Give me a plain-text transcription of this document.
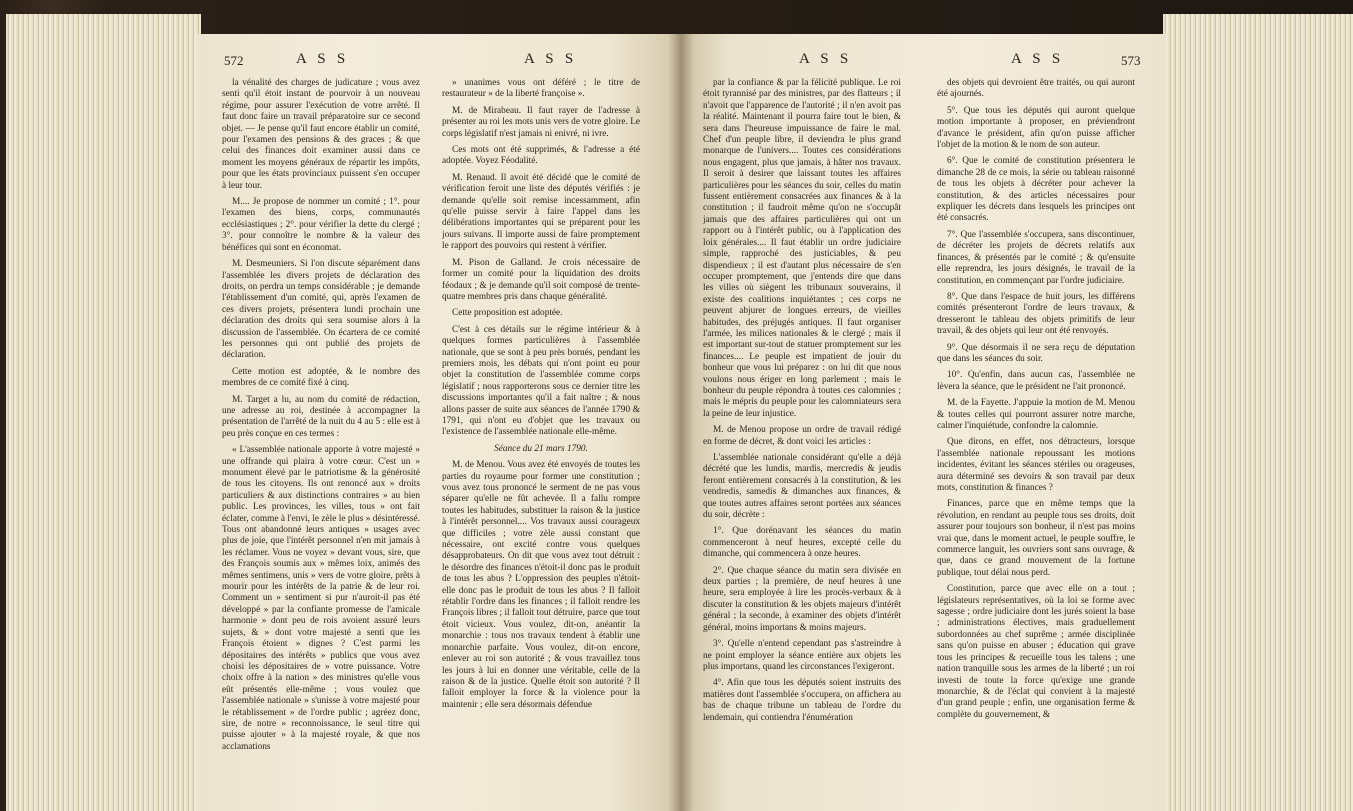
572	A S S	A S S

la vénalité des charges de judicature ; vous avez senti qu'il étoit instant de pourvoir à un nouveau régime, pour assurer l'exécution de votre arrêté. Il faut donc faire un travail préparatoire sur ce second objet. — Je pense qu'il faut encore établir un comité, pour l'examen des pensions & des graces ; & que celui des finances doit examiner aussi dans ce moment les moyens généraux de répartir les impôts, pour que les états provinciaux puissent s'en occuper à leur tour.

M.... Je propose de nommer un comité ; 1°. pour l'examen des biens, corps, communautés ecclésiastiques ; 2°. pour vérifier la dette du clergé ; 3°. pour connoître le nombre & la valeur des bénéfices qui sont en économat.

M. Desmeuniers. Si l'on discute séparément dans l'assemblée les divers projets de déclaration des droits, on perdra un temps considérable ; je demande l'établissement d'un comité, qui, après l'examen de ces divers projets, présentera lundi prochain une déclaration des droits qui sera soumise alors à la discussion de l'assemblée. On écartera de ce comité les personnes qui ont publié des projets de déclaration.

Cette motion est adoptée, & le nombre des membres de ce comité fixé à cinq.

M. Target a lu, au nom du comité de rédaction, une adresse au roi, destinée à accompagner la présentation de l'arrêté de la nuit du 4 au 5 : elle est à peu près conçue en ces termes :

« L'assemblée nationale apporte à votre majesté » une offrande qui plaira à votre cœur. C'est un » monument élevé par le patriotisme & la générosité de tous les citoyens. Ils ont renoncé aux » droits particuliers & aux distinctions contraires » au bien public. Les provinces, les villes, tous » ont fait éclater, comme à l'envi, le zèle le plus » désintéressé. Tous ont abandonné leurs antiques » usages avec plus de joie, que l'intérêt personnel n'en mit jamais à les réclamer. Vous ne voyez » devant vous, sire, que des François soumis aux » mêmes loix, animés des mêmes sentimens, unis » vers de votre gloire, prêts à mourir pour les intérêts de la patrie & de leur roi. Comment un » sentiment si pur n'auroit-il pas été développé » par la confiante promesse de l'amicale harmonie » dont peu de rois avoient assuré leurs sujets, & » dont votre majesté a senti que les François étoient » dignes ? C'est parmi les dépositaires des intérêts » publics que vous avez choisi les dépositaires de » votre puissance. Votre choix offre à la nation » des ministres qu'elle vous eût présentés elle-même ; vous voulez que l'assemblée nationale » s'unisse à votre majesté pour le rétablissement » de l'ordre public ; agréez donc, sire, de notre » reconnoissance, le seul titre qui puisse ajouter » à la majesté royale, & que nos acclamations

» unanimes vous ont déféré ; le titre de restaurateur » de la liberté françoise ».

M. de Mirabeau. Il faut rayer de l'adresse à présenter au roi les mots unis vers de votre gloire. Le corps législatif n'est jamais ni enivré, ni ivre.

Ces mots ont été supprimés, & l'adresse a été adoptée. Voyez Féodalité.

M. Renaud. Il avoit été décidé que le comité de vérification feroit une liste des députés vérifiés : je demande qu'elle soit remise incessamment, afin qu'elle puisse servir à faire l'appel dans les délibérations importantes qui se préparent pour les jours suivans. Il importe aussi de faire promptement le rapport des pouvoirs qui restent à vérifier.

M. Pison de Galland. Je crois nécessaire de former un comité pour la liquidation des droits féodaux ; & je demande qu'il soit composé de trente-quatre membres pris dans chaque généralité.

Cette proposition est adoptée.

C'est à ces détails sur le régime intérieur & à quelques formes particulières à l'assemblée nationale, que se sont à peu près bornés, pendant les premiers mois, les débats qui n'ont point eu pour objet la constitution de l'assemblée comme corps législatif ; nous rapporterons sous ce dernier titre les discussions importantes qu'il a fait naître ; & nous allons passer de suite aux séances de l'année 1790 & 1791, qui n'ont eu d'objet que les travaux ou l'existence de l'assemblée nationale elle-même.

Séance du 21 mars 1790.

M. de Menou. Vous avez été envoyés de toutes les parties du royaume pour former une constitution ; vous avez tous prononcé le serment de ne pas vous séparer qu'elle ne fût achevée. Il a fallu rompre toutes les habitudes, substituer la raison & la justice à l'intérêt personnel.... Vos travaux aussi courageux que difficiles ; votre zèle aussi constant que nécessaire, ont excité contre vous quelques désapprobateurs. On dit que vous avez tout détruit : le désordre des finances n'étoit-il donc pas le produit de tous les abus ? L'oppression des peuples n'étoit-elle donc pas le produit de tous les abus ? Il falloit rétablir l'ordre dans les finances ; il falloit rendre les François libres ; il falloit tout détruire, parce que tout étoit vicieux. Vous voulez, dit-on, anéantir la monarchie : tous nos travaux tendent à établir une monarchie parfaite. Vous voulez, dit-on encore, enlever au roi son autorité ; & vous travaillez tous les jours à lui en donner une véritable, celle de la raison & de la justice. Quelle étoit son autorité ? Il falloit employer la force & la violence pour la maintenir ; elle sera désormais défendue

A S S	A S S	573

par la confiance & par la félicité publique. Le roi étoit tyrannisé par des ministres, par des flatteurs ; il n'avoit que l'apparence de l'autorité ; il n'en avoit pas la réalité. Maintenant il pourra faire tout le bien, & sera dans l'heureuse impuissance de faire le mal. Chef d'un peuple libre, il deviendra le plus grand monarque de l'univers.... Toutes ces considérations nous engagent, plus que jamais, à hâter nos travaux. Il seroit à desirer que laissant toutes les affaires particulières pour les séances du soir, celles du matin fussent entièrement consacrées aux finances & à la constitution ; il faudroit même qu'on ne s'occupât jamais que des affaires particulières qui ont un rapport ou à l'intérêt public, ou à l'application des loix générales.... Il faut établir un ordre judiciaire simple, rapproché des justiciables, & peu dispendieux ; il est d'autant plus nécessaire de s'en occuper promptement, que j'entends dire que dans les villes où siègent les tribunaux souverains, il existe des coalitions inquiétantes ; ces corps ne peuvent abjurer de longues erreurs, de vieilles habitudes, des préjugés antiques. Il faut organiser l'armée, les milices nationales & le clergé ; mais il est important sur-tout de statuer promptement sur les finances.... Le peuple est impatient de jouir du bonheur que vous lui préparez : on lui dit que nous voulons nous ériger en long parlement ; mais le bonheur du peuple répondra à toutes ces calomnies ; mais le mépris du peuple pour les calomniateurs sera la peine de leur injustice.

M. de Menou propose un ordre de travail rédigé en forme de décret, & dont voici les articles :

L'assemblée nationale considérant qu'elle a déjà décrété que les lundis, mardis, mercredis & jeudis feront entièrement consacrés à la constitution, & les vendredis, samedis & dimanches aux finances, & que toutes autres affaires seront portées aux séances du soir, décrète :

1°. Que dorénavant les séances du matin commenceront à neuf heures, excepté celle du dimanche, qui commencera à onze heures.

2°. Que chaque séance du matin sera divisée en deux parties ; la première, de neuf heures à une heure, sera employée à lire les procès-verbaux & à discuter la constitution & les objets majeurs d'intérêt général ; la seconde, à examiner des objets d'intérêt général, moins importans & moins majeurs.

3°. Qu'elle n'entend cependant pas s'astreindre à ne point employer la séance entière aux objets les plus importans, quand les circonstances l'exigeront.

4°. Afin que tous les députés soient instruits des matières dont l'assemblée s'occupera, on affichera au bas de chaque tribune un tableau de l'ordre du lendemain, qui contiendra l'énumération

des objets qui devroient être traités, ou qui auront été ajournés.

5°. Que tous les députés qui auront quelque motion importante à proposer, en préviendront d'avance le président, afin qu'on puisse afficher l'objet de la motion & le nom de son auteur.

6°. Que le comité de constitution présentera le dimanche 28 de ce mois, la série ou tableau raisonné de tous les objets à décréter pour achever la constitution, & des articles nécessaires pour expliquer les décrets dans lesquels les principes ont été consacrés.

7°. Que l'assemblée s'occupera, sans discontinuer, de décréter les projets de décrets relatifs aux finances, & présentés par le comité ; & qu'ensuite elle reprendra, les jours désignés, le travail de la constitution, en commençant par l'ordre judiciaire.

8°. Que dans l'espace de huit jours, les différens comités présenteront l'ordre de leurs travaux, & dresseront le tableau des objets primitifs de leur travail, & des objets qui leur ont été renvoyés.

9°. Que désormais il ne sera reçu de députation que dans les séances du soir.

10°. Qu'enfin, dans aucun cas, l'assemblée ne lèvera la séance, que le président ne l'ait prononcé.

M. de la Fayette. J'appuie la motion de M. Menou & toutes celles qui pourront assurer notre marche, calmer l'inquiétude, confondre la calomnie.

Que dirons, en effet, nos détracteurs, lorsque l'assemblée nationale repoussant les motions incidentes, évitant les séances stériles ou orageuses, aura déterminé ses devoirs & son travail par deux mots, constitution & finances ?

Finances, parce que en même temps que la révolution, en rendant au peuple tous ses droits, doit assurer pour toujours son bonheur, il n'est pas moins vrai que, dans le moment actuel, le peuple souffre, le commerce languit, les ouvriers sont sans ouvrage, & que, dans ce grand mouvement de la fortune publique, tout délai nous perd.

Constitution, parce que avec elle on a tout ; législateurs représentatives, où la loi se forme avec sagesse ; ordre judiciaire dont les jurés soient la base ; administrations électives, mais graduellement subordonnées au chef suprême ; armée disciplinée sans qu'on puisse en abuser ; éducation qui grave tous les principes & recueille tous les talens ; une nation tranquille sous les armes de la liberté ; un roi investi de toute la force qu'exige une grande monarchie, & de l'éclat qui convient à la majesté d'un grand peuple ; enfin, une organisation ferme & complète du gouvernement, &
